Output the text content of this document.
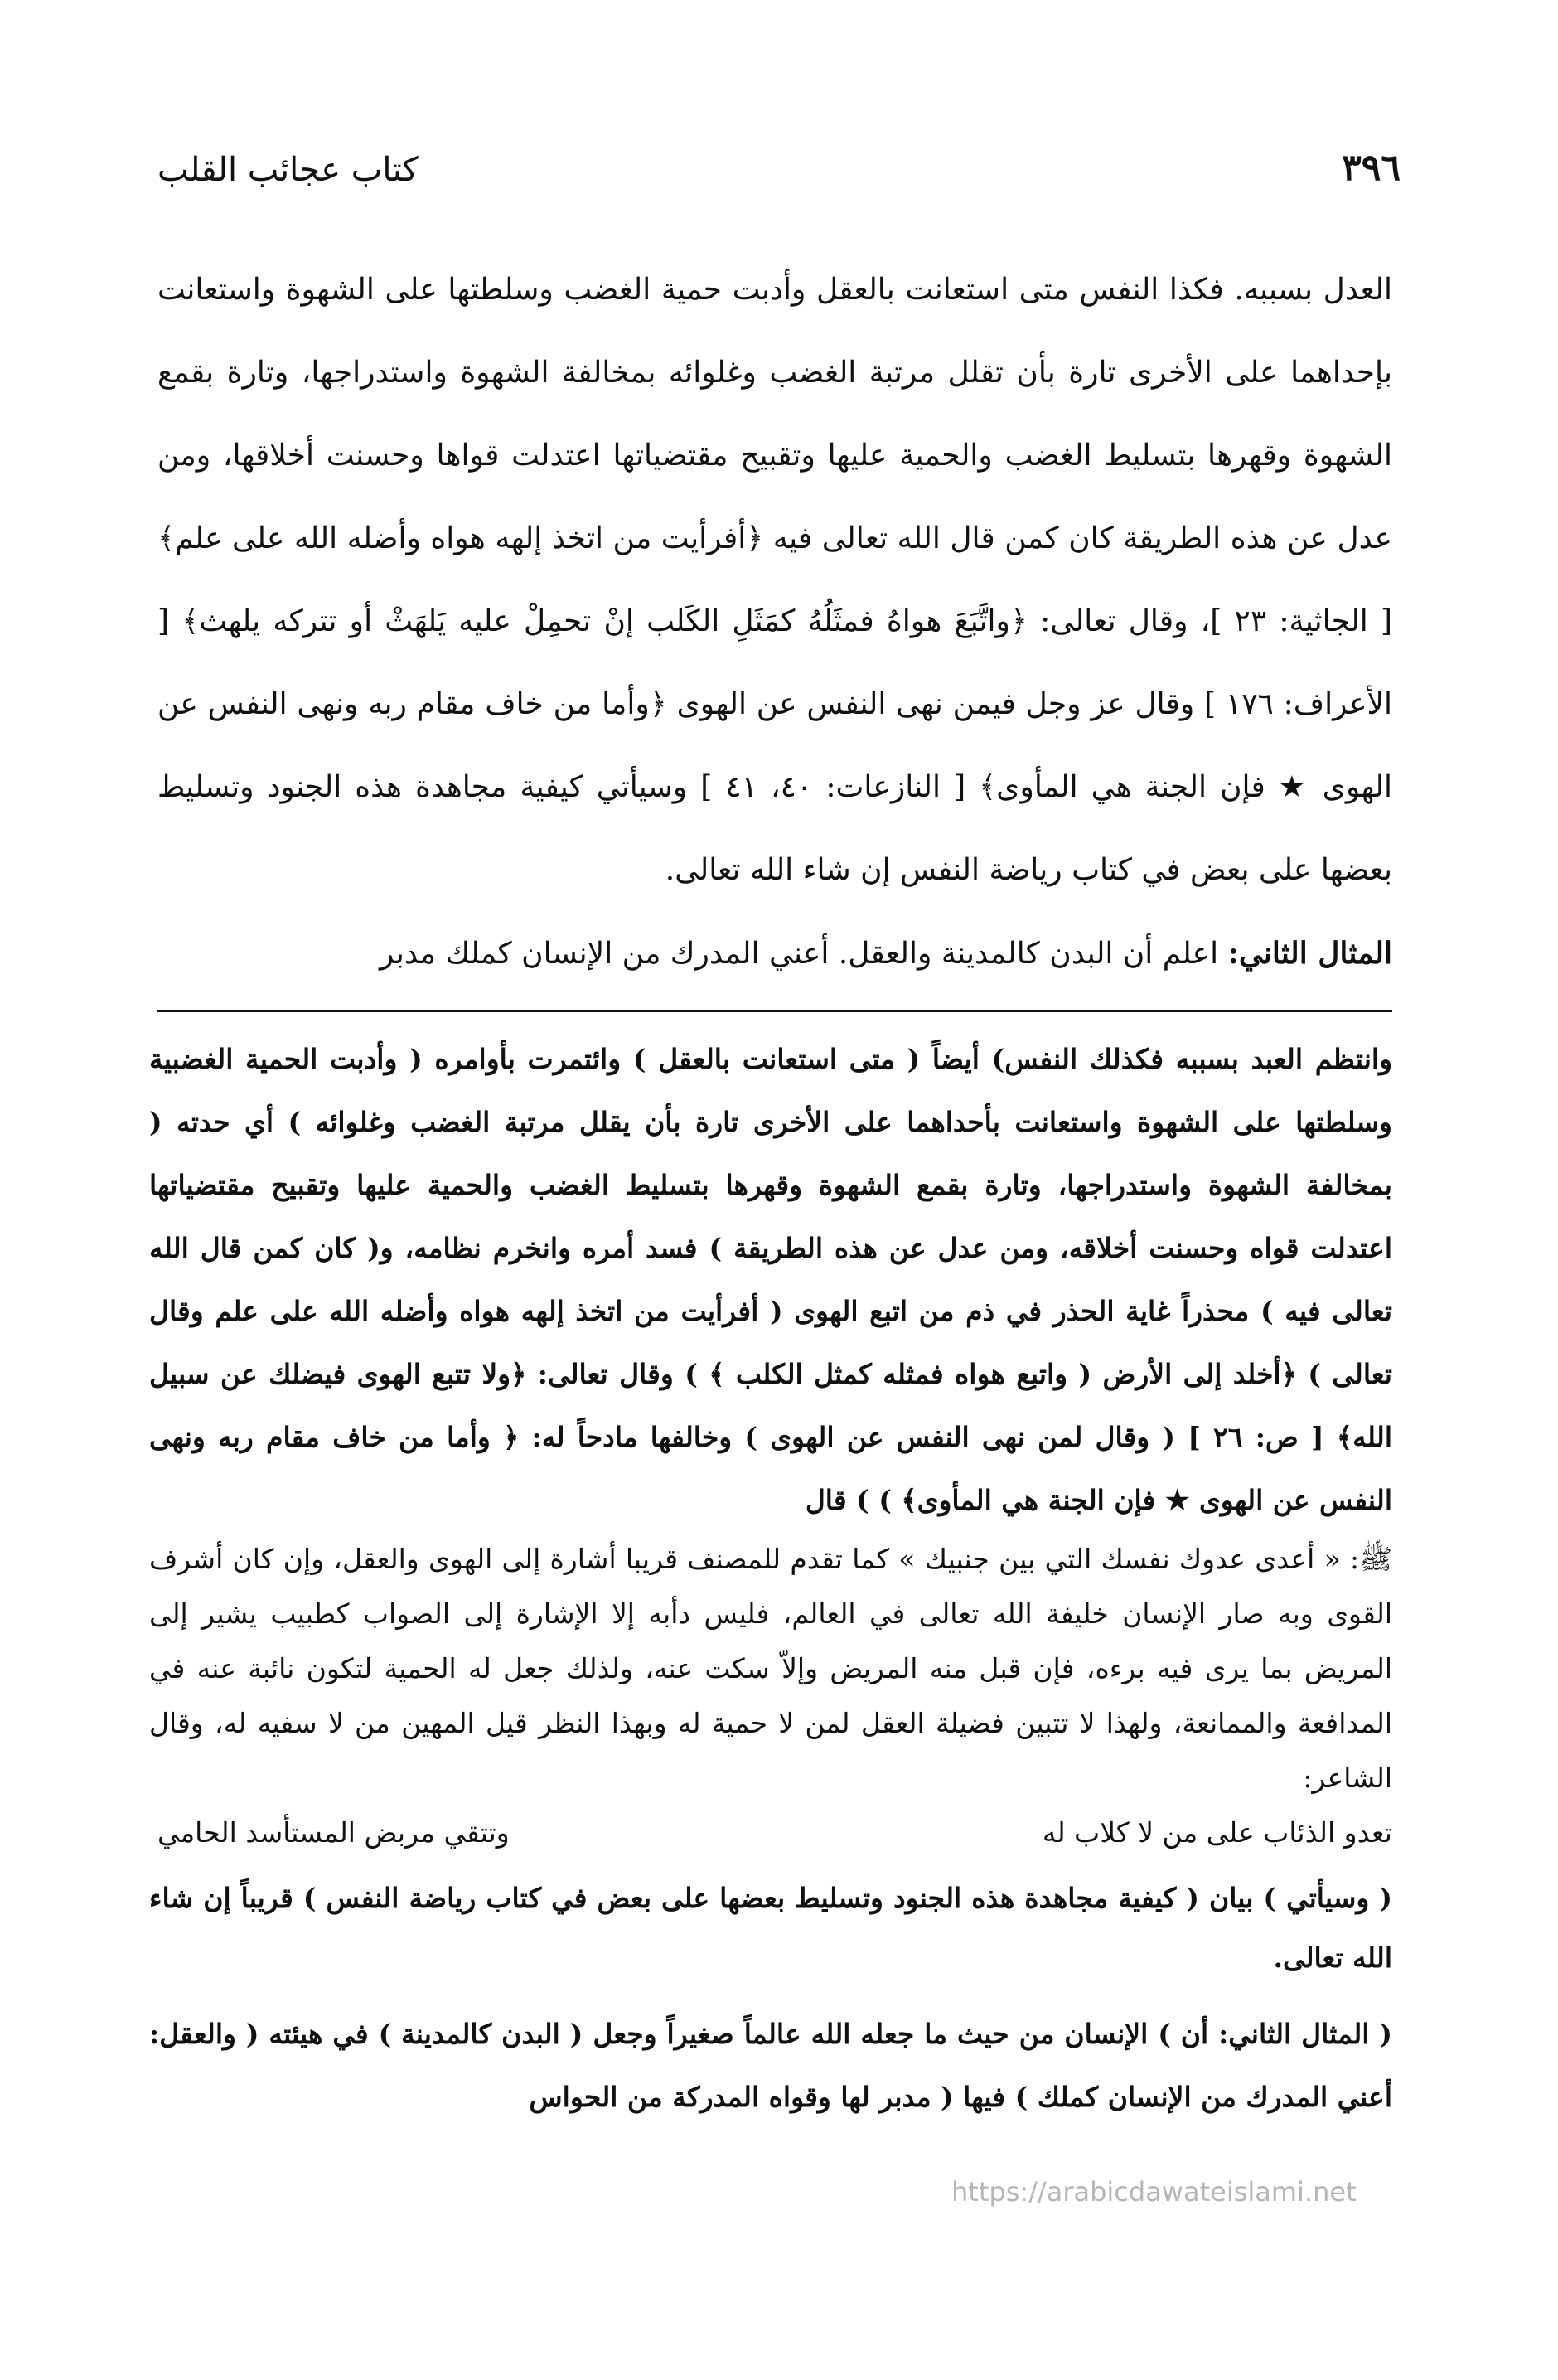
٣٩٦
كتاب عجائب القلب

العدل بسببه. فكذا النفس متى استعانت بالعقل وأدبت حمية الغضب وسلطتها على الشهوة واستعانت بإحداهما على الأخرى تارة بأن تقلل مرتبة الغضب وغلوائه بمخالفة الشهوة واستدراجها، وتارة بقمع الشهوة وقهرها بتسليط الغضب والحمية عليها وتقبيح مقتضياتها اعتدلت قواها وحسنت أخلاقها، ومن عدل عن هذه الطريقة كان كمن قال الله تعالى فيه ﴿أفرأيت من اتخذ إلهه هواه وأضله الله على علم﴾ [ الجاثية: ٢٣ ]، وقال تعالى: ﴿واتَّبَعَ هواهُ فمثَلُهُ كمَثَلِ الكَلب إنْ تحمِلْ عليه يَلهَثْ أو تتركه يلهث﴾ [ الأعراف: ١٧٦ ] وقال عز وجل فيمن نهى النفس عن الهوى ﴿وأما من خاف مقام ربه ونهى النفس عن الهوى ★ فإن الجنة هي المأوى﴾ [ النازعات: ٤٠، ٤١ ] وسيأتي كيفية مجاهدة هذه الجنود وتسليط بعضها على بعض في كتاب رياضة النفس إن شاء الله تعالى.

المثال الثاني: اعلم أن البدن كالمدينة والعقل. أعني المدرك من الإنسان كملك مدبر

وانتظم العبد بسببه فكذلك النفس) أيضاً ( متى استعانت بالعقل ) وائتمرت بأوامره ( وأدبت الحمية الغضبية وسلطتها على الشهوة واستعانت بأحداهما على الأخرى تارة بأن يقلل مرتبة الغضب وغلوائه ) أي حدته ( بمخالفة الشهوة واستدراجها، وتارة بقمع الشهوة وقهرها بتسليط الغضب والحمية عليها وتقبيح مقتضياتها اعتدلت قواه وحسنت أخلاقه، ومن عدل عن هذه الطريقة ) فسد أمره وانخرم نظامه، و( كان كمن قال الله تعالى فيه ) محذراً غاية الحذر في ذم من اتبع الهوى ( أفرأيت من اتخذ إلهه هواه وأضله الله على علم وقال تعالى ) ﴿أخلد إلى الأرض ( واتبع هواه فمثله كمثل الكلب ﴾ ) وقال تعالى: ﴿ولا تتبع الهوى فيضلك عن سبيل الله﴾ [ ص: ٢٦ ] ( وقال لمن نهى النفس عن الهوى ) وخالفها مادحاً له: ﴿ وأما من خاف مقام ربه ونهى النفس عن الهوى ★ فإن الجنة هي المأوى﴾ ) ) قال

ﷺ: « أعدى عدوك نفسك التي بين جنبيك » كما تقدم للمصنف قريبا أشارة إلى الهوى والعقل، وإن كان أشرف القوى وبه صار الإنسان خليفة الله تعالى في العالم، فليس دأبه إلا الإشارة إلى الصواب كطبيب يشير إلى المريض بما يرى فيه برءه، فإن قبل منه المريض وإلاّ سكت عنه، ولذلك جعل له الحمية لتكون نائبة عنه في المدافعة والممانعة، ولهذا لا تتبين فضيلة العقل لمن لا حمية له وبهذا النظر قيل المهين من لا سفيه له، وقال الشاعر:

تعدو الذئاب على من لا كلاب له
وتتقي مربض المستأسد الحامي

( وسيأتي ) بيان ( كيفية مجاهدة هذه الجنود وتسليط بعضها على بعض في كتاب رياضة النفس ) قريباً إن شاء الله تعالى.

( المثال الثاني: أن ) الإنسان من حيث ما جعله الله عالماً صغيراً وجعل ( البدن كالمدينة ) في هيئته ( والعقل: أعني المدرك من الإنسان كملك ) فيها ( مدبر لها وقواه المدركة من الحواس

https://arabicdawateislami.net
